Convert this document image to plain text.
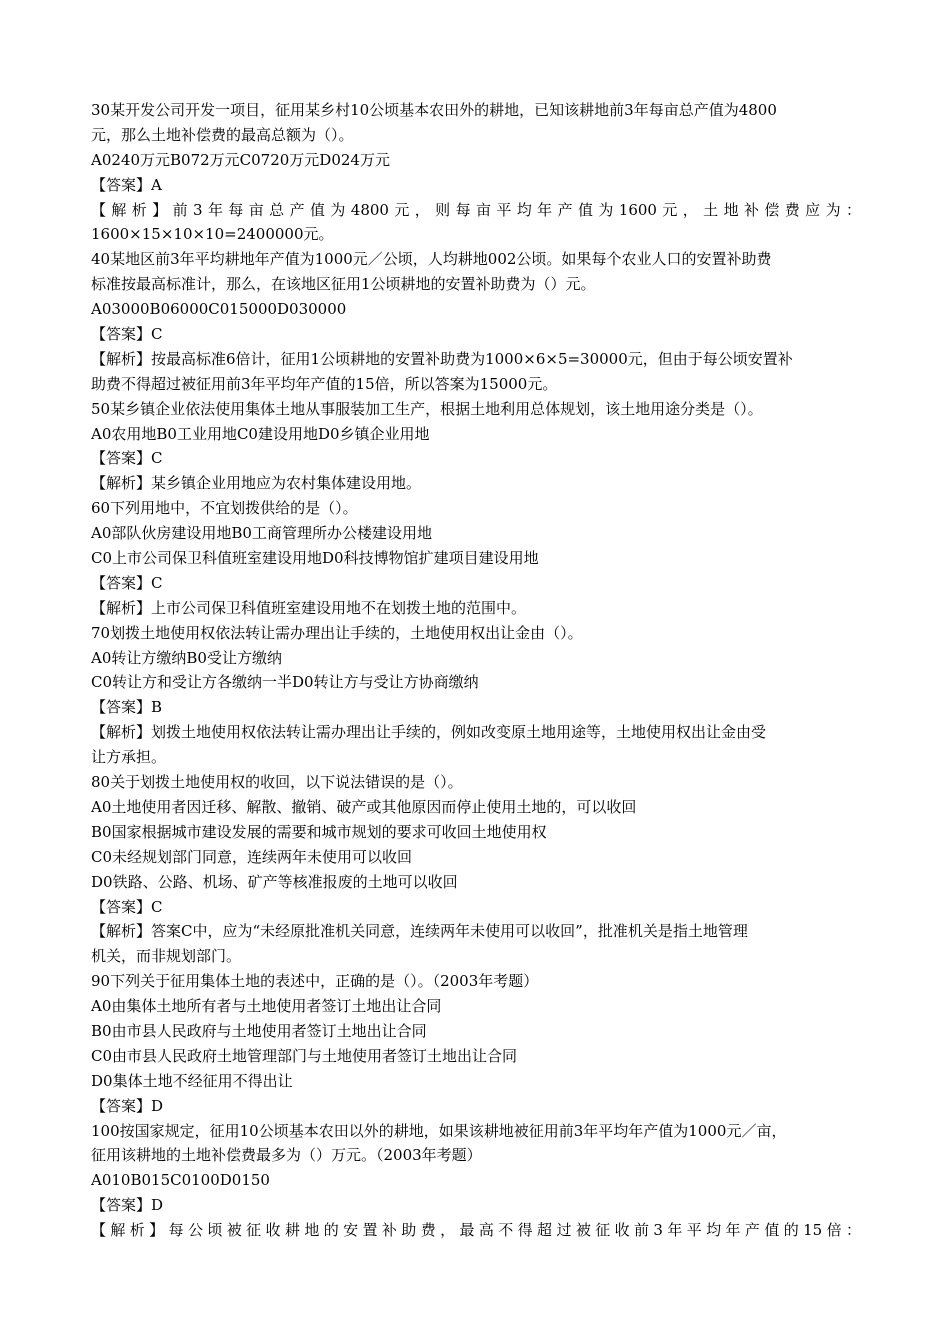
30某开发公司开发一项目，征用某乡村10公顷基本农田外的耕地，已知该耕地前3年每亩总产值为4800
元，那么土地补偿费的最高总额为（）。
A0240万元B072万元C0720万元D024万元
【答案】A
【解析】前3年每亩总产值为4800元，则每亩平均年产值为1600元，土地补偿费应为：
1600×15×10×10=2400000元。
40某地区前3年平均耕地年产值为1000元／公顷，人均耕地002公顷。如果每个农业人口的安置补助费
标准按最高标准计，那么，在该地区征用1公顷耕地的安置补助费为（）元。
A03000B06000C015000D030000
【答案】C
【解析】按最高标准6倍计，征用1公顷耕地的安置补助费为1000×6×5=30000元，但由于每公顷安置补
助费不得超过被征用前3年平均年产值的15倍，所以答案为15000元。
50某乡镇企业依法使用集体土地从事服装加工生产，根据土地利用总体规划，该土地用途分类是（）。
A0农用地B0工业用地C0建设用地D0乡镇企业用地
【答案】C
【解析】某乡镇企业用地应为农村集体建设用地。
60下列用地中，不宜划拨供给的是（）。
A0部队伙房建设用地B0工商管理所办公楼建设用地
C0上市公司保卫科值班室建设用地D0科技博物馆扩建项目建设用地
【答案】C
【解析】上市公司保卫科值班室建设用地不在划拨土地的范围中。
70划拨土地使用权依法转让需办理出让手续的，土地使用权出让金由（）。
A0转让方缴纳B0受让方缴纳
C0转让方和受让方各缴纳一半D0转让方与受让方协商缴纳
【答案】B
【解析】划拨土地使用权依法转让需办理出让手续的，例如改变原土地用途等，土地使用权出让金由受
让方承担。
80关于划拨土地使用权的收回，以下说法错误的是（）。
A0土地使用者因迁移、解散、撤销、破产或其他原因而停止使用土地的，可以收回
B0国家根据城市建设发展的需要和城市规划的要求可收回土地使用权
C0未经规划部门同意，连续两年未使用可以收回
D0铁路、公路、机场、矿产等核准报废的土地可以收回
【答案】C
【解析】答案C中，应为“未经原批准机关同意，连续两年未使用可以收回”，批准机关是指土地管理
机关，而非规划部门。
90下列关于征用集体土地的表述中，正确的是（）。（2003年考题）
A0由集体土地所有者与土地使用者签订土地出让合同
B0由市县人民政府与土地使用者签订土地出让合同
C0由市县人民政府土地管理部门与土地使用者签订土地出让合同
D0集体土地不经征用不得出让
【答案】D
100按国家规定，征用10公顷基本农田以外的耕地，如果该耕地被征用前3年平均年产值为1000元／亩，
征用该耕地的土地补偿费最多为（）万元。（2003年考题）
A010B015C0100D0150
【答案】D
【解析】每公顷被征收耕地的安置补助费，最高不得超过被征收前3年平均年产值的15倍：
